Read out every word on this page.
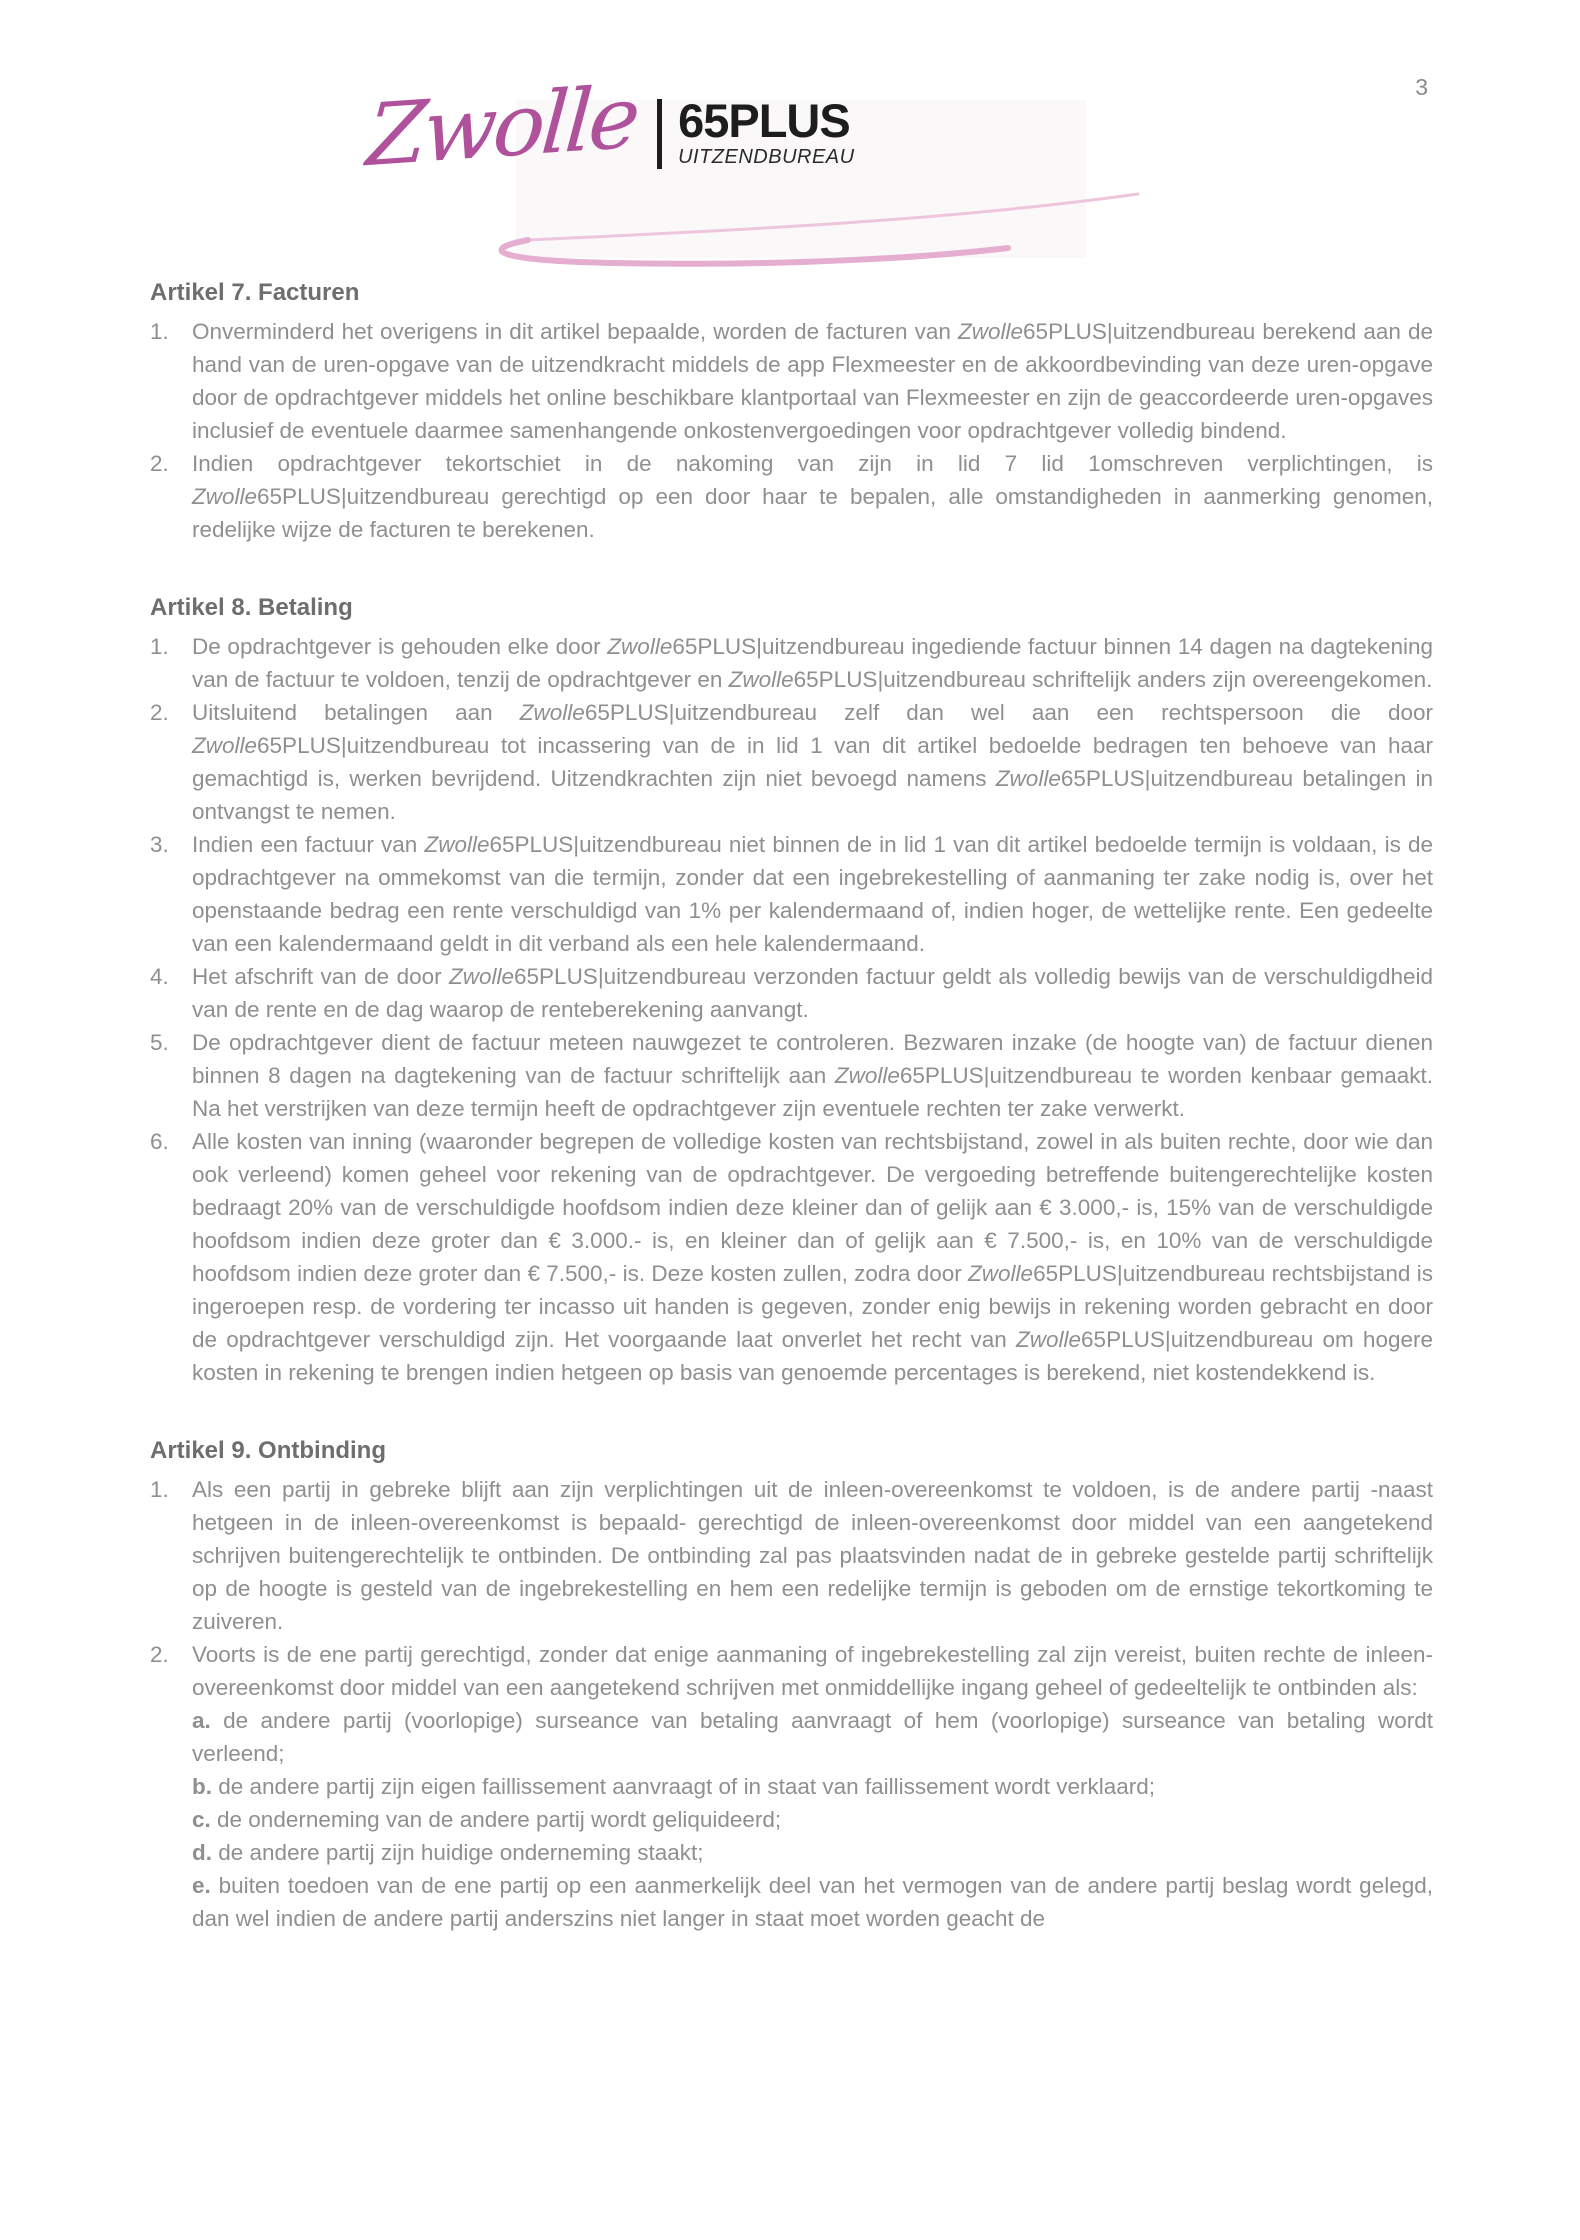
3
Zwolle 65PLUS
UITZENDBUREAU
Artikel 7. Facturen
1. Onverminderd het overigens in dit artikel bepaalde, worden de facturen van Zwolle65PLUS|uitzendbureau berekend aan de hand van de uren-opgave van de uitzendkracht middels de app Flexmeester en de akkoordbevinding van deze uren-opgave door de opdrachtgever middels het online beschikbare klantportaal van Flexmeester en zijn de geaccordeerde uren-opgaves inclusief de eventuele daarmee samenhangende onkostenvergoedingen voor opdrachtgever volledig bindend.
2. Indien opdrachtgever tekortschiet in de nakoming van zijn in lid 7 lid 1omschreven verplichtingen, is Zwolle65PLUS|uitzendbureau gerechtigd op een door haar te bepalen, alle omstandigheden in aanmerking genomen, redelijke wijze de facturen te berekenen.
Artikel 8. Betaling
1. De opdrachtgever is gehouden elke door Zwolle65PLUS|uitzendbureau ingediende factuur binnen 14 dagen na dagtekening van de factuur te voldoen, tenzij de opdrachtgever en Zwolle65PLUS|uitzendbureau schriftelijk anders zijn overeengekomen.
2. Uitsluitend betalingen aan Zwolle65PLUS|uitzendbureau zelf dan wel aan een rechtspersoon die door Zwolle65PLUS|uitzendbureau tot incassering van de in lid 1 van dit artikel bedoelde bedragen ten behoeve van haar gemachtigd is, werken bevrijdend. Uitzendkrachten zijn niet bevoegd namens Zwolle65PLUS|uitzendbureau betalingen in ontvangst te nemen.
3. Indien een factuur van Zwolle65PLUS|uitzendbureau niet binnen de in lid 1 van dit artikel bedoelde termijn is voldaan, is de opdrachtgever na ommekomst van die termijn, zonder dat een ingebrekestelling of aanmaning ter zake nodig is, over het openstaande bedrag een rente verschuldigd van 1% per kalendermaand of, indien hoger, de wettelijke rente. Een gedeelte van een kalendermaand geldt in dit verband als een hele kalendermaand.
4. Het afschrift van de door Zwolle65PLUS|uitzendbureau verzonden factuur geldt als volledig bewijs van de verschuldigdheid van de rente en de dag waarop de renteberekening aanvangt.
5. De opdrachtgever dient de factuur meteen nauwgezet te controleren. Bezwaren inzake (de hoogte van) de factuur dienen binnen 8 dagen na dagtekening van de factuur schriftelijk aan Zwolle65PLUS|uitzendbureau te worden kenbaar gemaakt. Na het verstrijken van deze termijn heeft de opdrachtgever zijn eventuele rechten ter zake verwerkt.
6. Alle kosten van inning (waaronder begrepen de volledige kosten van rechtsbijstand, zowel in als buiten rechte, door wie dan ook verleend) komen geheel voor rekening van de opdrachtgever. De vergoeding betreffende buitengerechtelijke kosten bedraagt 20% van de verschuldigde hoofdsom indien deze kleiner dan of gelijk aan € 3.000,- is, 15% van de verschuldigde hoofdsom indien deze groter dan € 3.000.- is, en kleiner dan of gelijk aan € 7.500,- is, en 10% van de verschuldigde hoofdsom indien deze groter dan € 7.500,- is. Deze kosten zullen, zodra door Zwolle65PLUS|uitzendbureau rechtsbijstand is ingeroepen resp. de vordering ter incasso uit handen is gegeven, zonder enig bewijs in rekening worden gebracht en door de opdrachtgever verschuldigd zijn. Het voorgaande laat onverlet het recht van Zwolle65PLUS|uitzendbureau om hogere kosten in rekening te brengen indien hetgeen op basis van genoemde percentages is berekend, niet kostendekkend is.
Artikel 9. Ontbinding
1. Als een partij in gebreke blijft aan zijn verplichtingen uit de inleen-overeenkomst te voldoen, is de andere partij -naast hetgeen in de inleen-overeenkomst is bepaald- gerechtigd de inleen-overeenkomst door middel van een aangetekend schrijven buitengerechtelijk te ontbinden. De ontbinding zal pas plaatsvinden nadat de in gebreke gestelde partij schriftelijk op de hoogte is gesteld van de ingebrekestelling en hem een redelijke termijn is geboden om de ernstige tekortkoming te zuiveren.
2. Voorts is de ene partij gerechtigd, zonder dat enige aanmaning of ingebrekestelling zal zijn vereist, buiten rechte de inleen-overeenkomst door middel van een aangetekend schrijven met onmiddellijke ingang geheel of gedeeltelijk te ontbinden als:
a. de andere partij (voorlopige) surseance van betaling aanvraagt of hem (voorlopige) surseance van betaling wordt verleend;
b. de andere partij zijn eigen faillissement aanvraagt of in staat van faillissement wordt verklaard;
c. de onderneming van de andere partij wordt geliquideerd;
d. de andere partij zijn huidige onderneming staakt;
e. buiten toedoen van de ene partij op een aanmerkelijk deel van het vermogen van de andere partij beslag wordt gelegd, dan wel indien de andere partij anderszins niet langer in staat moet worden geacht de
